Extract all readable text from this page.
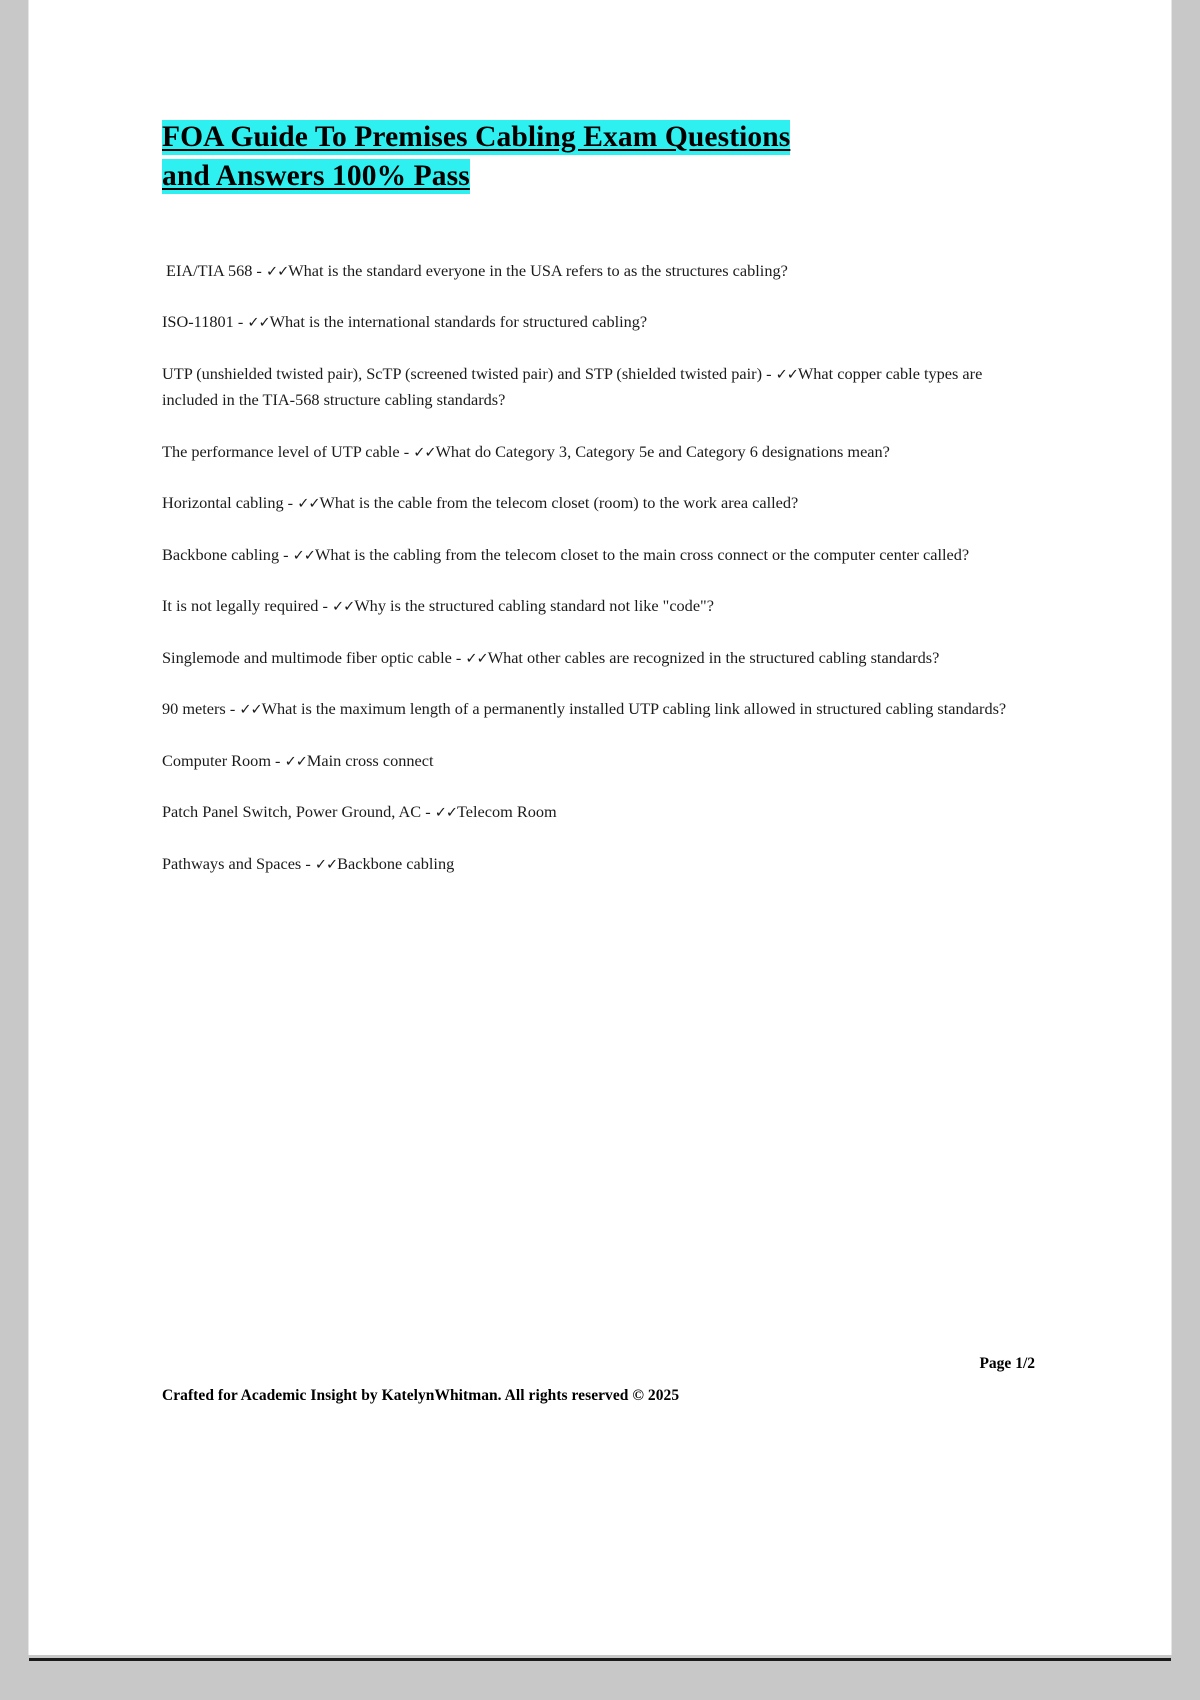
FOA Guide To Premises Cabling Exam Questions
and Answers 100% Pass
EIA/TIA 568 - ✓✓What is the standard everyone in the USA refers to as the structures cabling?
ISO-11801 - ✓✓What is the international standards for structured cabling?
UTP (unshielded twisted pair), ScTP (screened twisted pair) and STP (shielded twisted pair) - ✓✓What copper cable types are included in the TIA-568 structure cabling standards?
The performance level of UTP cable - ✓✓What do Category 3, Category 5e and Category 6 designations mean?
Horizontal cabling - ✓✓What is the cable from the telecom closet (room) to the work area called?
Backbone cabling - ✓✓What is the cabling from the telecom closet to the main cross connect or the computer center called?
It is not legally required - ✓✓Why is the structured cabling standard not like "code"?
Singlemode and multimode fiber optic cable - ✓✓What other cables are recognized in the structured cabling standards?
90 meters - ✓✓What is the maximum length of a permanently installed UTP cabling link allowed in structured cabling standards?
Computer Room - ✓✓Main cross connect
Patch Panel Switch, Power Ground, AC - ✓✓Telecom Room
Pathways and Spaces - ✓✓Backbone cabling
Page 1/2
Crafted for Academic Insight by KatelynWhitman. All rights reserved © 2025
